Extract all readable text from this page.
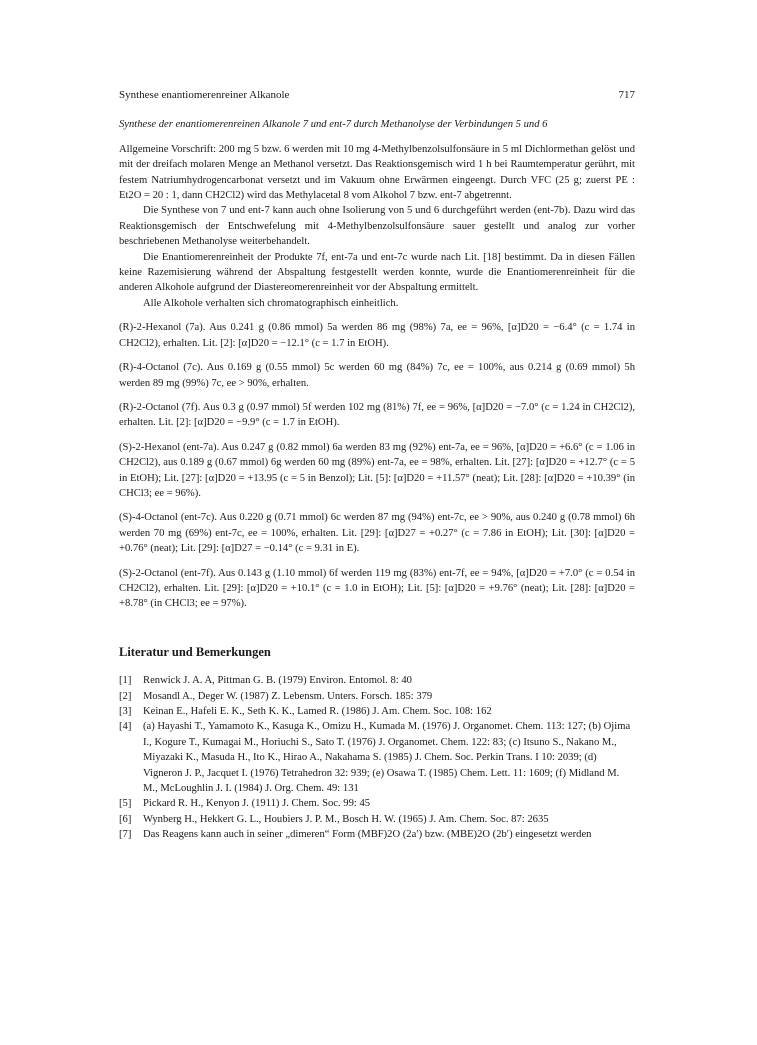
Synthese enantiomerenreiner Alkanole	717

Synthese der enantiomerenreinen Alkanole 7 und ent-7 durch Methanolyse der Verbindungen 5 und 6

Allgemeine Vorschrift: 200 mg 5 bzw. 6 werden mit 10 mg 4-Methylbenzolsulfonsäure in 5 ml Dichlormethan gelöst und mit der dreifach molaren Menge an Methanol versetzt. Das Reaktionsgemisch wird 1 h bei Raumtemperatur gerührt, mit festem Natriumhydrogencarbonat versetzt und im Vakuum ohne Erwärmen eingeengt. Durch VFC (25 g; zuerst PE : Et2O = 20 : 1, dann CH2Cl2) wird das Methylacetal 8 vom Alkohol 7 bzw. ent-7 abgetrennt.

Die Synthese von 7 und ent-7 kann auch ohne Isolierung von 5 und 6 durchgeführt werden (ent-7b). Dazu wird das Reaktionsgemisch der Entschwefelung mit 4-Methylbenzolsulfonsäure sauer gestellt und analog zur vorher beschriebenen Methanolyse weiterbehandelt.

Die Enantiomerenreinheit der Produkte 7f, ent-7a und ent-7c wurde nach Lit. [18] bestimmt. Da in diesen Fällen keine Razemisierung während der Abspaltung festgestellt werden konnte, wurde die Enantiomerenreinheit für die anderen Alkohole aufgrund der Diastereomerenreinheit vor der Abspaltung ermittelt.

Alle Alkohole verhalten sich chromatographisch einheitlich.

(R)-2-Hexanol (7a). Aus 0.241 g (0.86 mmol) 5a werden 86 mg (98%) 7a, ee = 96%, [α]D20 = −6.4° (c = 1.74 in CH2Cl2), erhalten. Lit. [2]: [α]D20 = −12.1° (c = 1.7 in EtOH).

(R)-4-Octanol (7c). Aus 0.169 g (0.55 mmol) 5c werden 60 mg (84%) 7c, ee = 100%, aus 0.214 g (0.69 mmol) 5h werden 89 mg (99%) 7c, ee > 90%, erhalten.

(R)-2-Octanol (7f). Aus 0.3 g (0.97 mmol) 5f werden 102 mg (81%) 7f, ee = 96%, [α]D20 = −7.0° (c = 1.24 in CH2Cl2), erhalten. Lit. [2]: [α]D20 = −9.9° (c = 1.7 in EtOH).

(S)-2-Hexanol (ent-7a). Aus 0.247 g (0.82 mmol) 6a werden 83 mg (92%) ent-7a, ee = 96%, [α]D20 = +6.6° (c = 1.06 in CH2Cl2), aus 0.189 g (0.67 mmol) 6g werden 60 mg (89%) ent-7a, ee = 98%, erhalten. Lit. [27]: [α]D20 = +12.7° (c = 5 in EtOH); Lit. [27]: [α]D20 = +13.95 (c = 5 in Benzol); Lit. [5]: [α]D20 = +11.57° (neat); Lit. [28]: [α]D20 = +10.39° (in CHCl3; ee = 96%).

(S)-4-Octanol (ent-7c). Aus 0.220 g (0.71 mmol) 6c werden 87 mg (94%) ent-7c, ee > 90%, aus 0.240 g (0.78 mmol) 6h werden 70 mg (69%) ent-7c, ee = 100%, erhalten. Lit. [29]: [α]D27 = +0.27° (c = 7.86 in EtOH); Lit. [30]: [α]D20 = +0.76° (neat); Lit. [29]: [α]D27 = −0.14° (c = 9.31 in E).

(S)-2-Octanol (ent-7f). Aus 0.143 g (1.10 mmol) 6f werden 119 mg (83%) ent-7f, ee = 94%, [α]D20 = +7.0° (c = 0.54 in CH2Cl2), erhalten. Lit. [29]: [α]D20 = +10.1° (c = 1.0 in EtOH); Lit. [5]: [α]D20 = +9.76° (neat); Lit. [28]: [α]D20 = +8.78° (in CHCl3; ee = 97%).

Literatur und Bemerkungen
[1]	Renwick J. A. A, Pittman G. B. (1979) Environ. Entomol. 8: 40
[2]	Mosandl A., Deger W. (1987) Z. Lebensm. Unters. Forsch. 185: 379
[3]	Keinan E., Hafeli E. K., Seth K. K., Lamed R. (1986) J. Am. Chem. Soc. 108: 162
[4]	(a) Hayashi T., Yamamoto K., Kasuga K., Omizu H., Kumada M. (1976) J. Organomet. Chem. 113: 127; (b) Ojima I., Kogure T., Kumagai M., Horiuchi S., Sato T. (1976) J. Organomet. Chem. 122: 83; (c) Itsuno S., Nakano M., Miyazaki K., Masuda H., Ito K., Hirao A., Nakahama S. (1985) J. Chem. Soc. Perkin Trans. I 10: 2039; (d) Vigneron J. P., Jacquet I. (1976) Tetrahedron 32: 939; (e) Osawa T. (1985) Chem. Lett. 11: 1609; (f) Midland M. M., McLoughlin J. I. (1984) J. Org. Chem. 49: 131
[5]	Pickard R. H., Kenyon J. (1911) J. Chem. Soc. 99: 45
[6]	Wynberg H., Hekkert G. L., Houbiers J. P. M., Bosch H. W. (1965) J. Am. Chem. Soc. 87: 2635
[7]	Das Reagens kann auch in seiner „dimeren“ Form (MBF)2O (2a′) bzw. (MBE)2O (2b′) eingesetzt werden
